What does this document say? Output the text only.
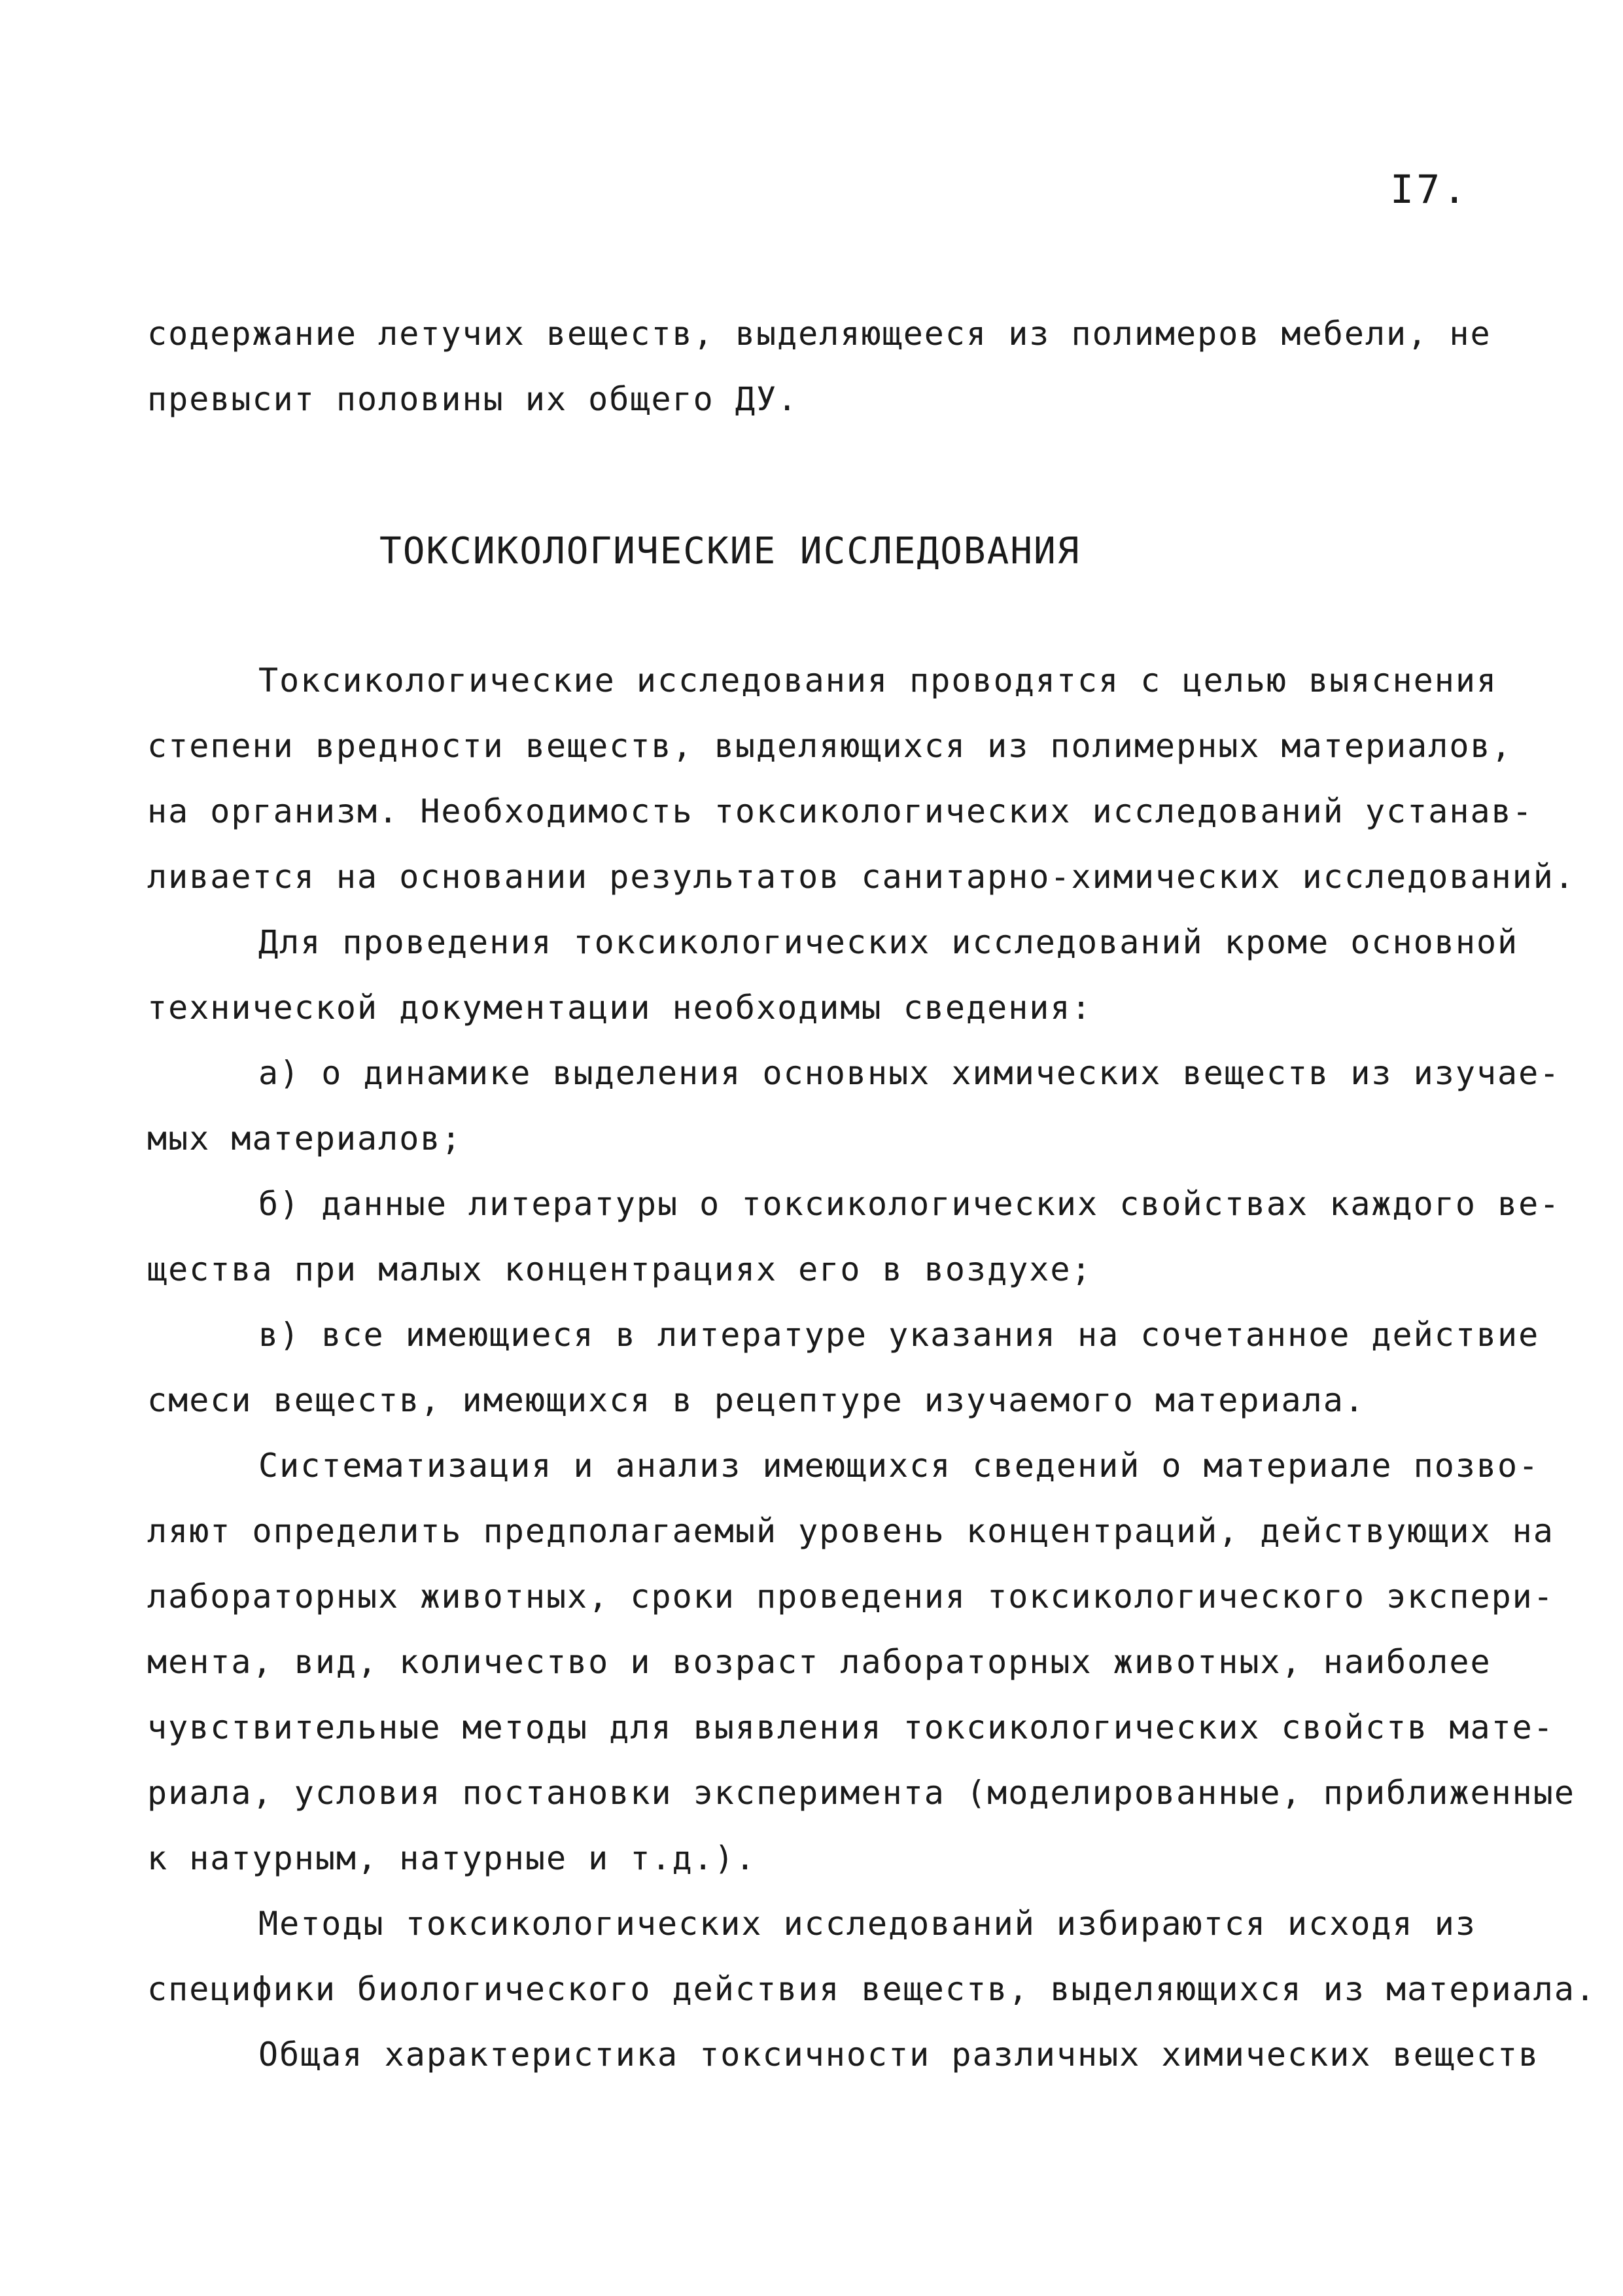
I7.
содержание летучих веществ, выделяющееся из полимеров мебели, не
превысит половины их общего ДУ.
ТОКСИКОЛОГИЧЕСКИЕ ИССЛЕДОВАНИЯ
Токсикологические исследования проводятся с целью выяснения
степени вредности веществ, выделяющихся из полимерных материалов,
на организм. Необходимость токсикологических исследований устанав-
ливается на основании результатов санитарно-химических исследований.
Для проведения токсикологических исследований кроме основной
технической документации необходимы сведения:
а) о динамике выделения основных химических веществ из изучае-
мых материалов;
б) данные литературы о токсикологических свойствах каждого ве-
щества при малых концентрациях его в воздухе;
в) все имеющиеся в литературе указания на сочетанное действие
смеси веществ, имеющихся в рецептуре изучаемого материала.
Систематизация и анализ имеющихся сведений о материале позво-
ляют определить предполагаемый уровень концентраций, действующих на
лабораторных животных, сроки проведения токсикологического экспери-
мента, вид, количество и возраст лабораторных животных, наиболее
чувствительные методы для выявления токсикологических свойств мате-
риала, условия постановки эксперимента (моделированные, приближенные
к натурным, натурные и т.д.).
Методы токсикологических исследований избираются исходя из
специфики биологического действия веществ, выделяющихся из материала.
Общая характеристика токсичности различных химических веществ
